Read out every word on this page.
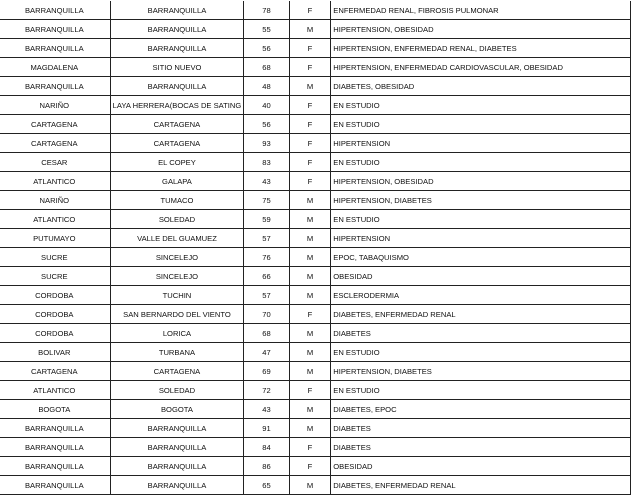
BARRANQUILLA	BARRANQUILLA	78	F	ENFERMEDAD RENAL, FIBROSIS PULMONAR
BARRANQUILLA	BARRANQUILLA	55	M	HIPERTENSION, OBESIDAD
BARRANQUILLA	BARRANQUILLA	56	F	HIPERTENSION, ENFERMEDAD RENAL, DIABETES
MAGDALENA	SITIO NUEVO	68	F	HIPERTENSION, ENFERMEDAD CARDIOVASCULAR, OBESIDAD
BARRANQUILLA	BARRANQUILLA	48	M	DIABETES, OBESIDAD
NARIÑO	LAYA HERRERA(BOCAS DE SATING	40	F	EN ESTUDIO
CARTAGENA	CARTAGENA	56	F	EN ESTUDIO
CARTAGENA	CARTAGENA	93	F	HIPERTENSION
CESAR	EL COPEY	83	F	EN ESTUDIO
ATLANTICO	GALAPA	43	F	HIPERTENSION, OBESIDAD
NARIÑO	TUMACO	75	M	HIPERTENSION, DIABETES
ATLANTICO	SOLEDAD	59	M	EN ESTUDIO
PUTUMAYO	VALLE DEL GUAMUEZ	57	M	HIPERTENSION
SUCRE	SINCELEJO	76	M	EPOC, TABAQUISMO
SUCRE	SINCELEJO	66	M	OBESIDAD
CORDOBA	TUCHIN	57	M	ESCLERODERMIA
CORDOBA	SAN BERNARDO DEL VIENTO	70	F	DIABETES, ENFERMEDAD RENAL
CORDOBA	LORICA	68	M	DIABETES
BOLIVAR	TURBANA	47	M	EN ESTUDIO
CARTAGENA	CARTAGENA	69	M	HIPERTENSION, DIABETES
ATLANTICO	SOLEDAD	72	F	EN ESTUDIO
BOGOTA	BOGOTA	43	M	DIABETES, EPOC
BARRANQUILLA	BARRANQUILLA	91	M	DIABETES
BARRANQUILLA	BARRANQUILLA	84	F	DIABETES
BARRANQUILLA	BARRANQUILLA	86	F	OBESIDAD
BARRANQUILLA	BARRANQUILLA	65	M	DIABETES, ENFERMEDAD RENAL
